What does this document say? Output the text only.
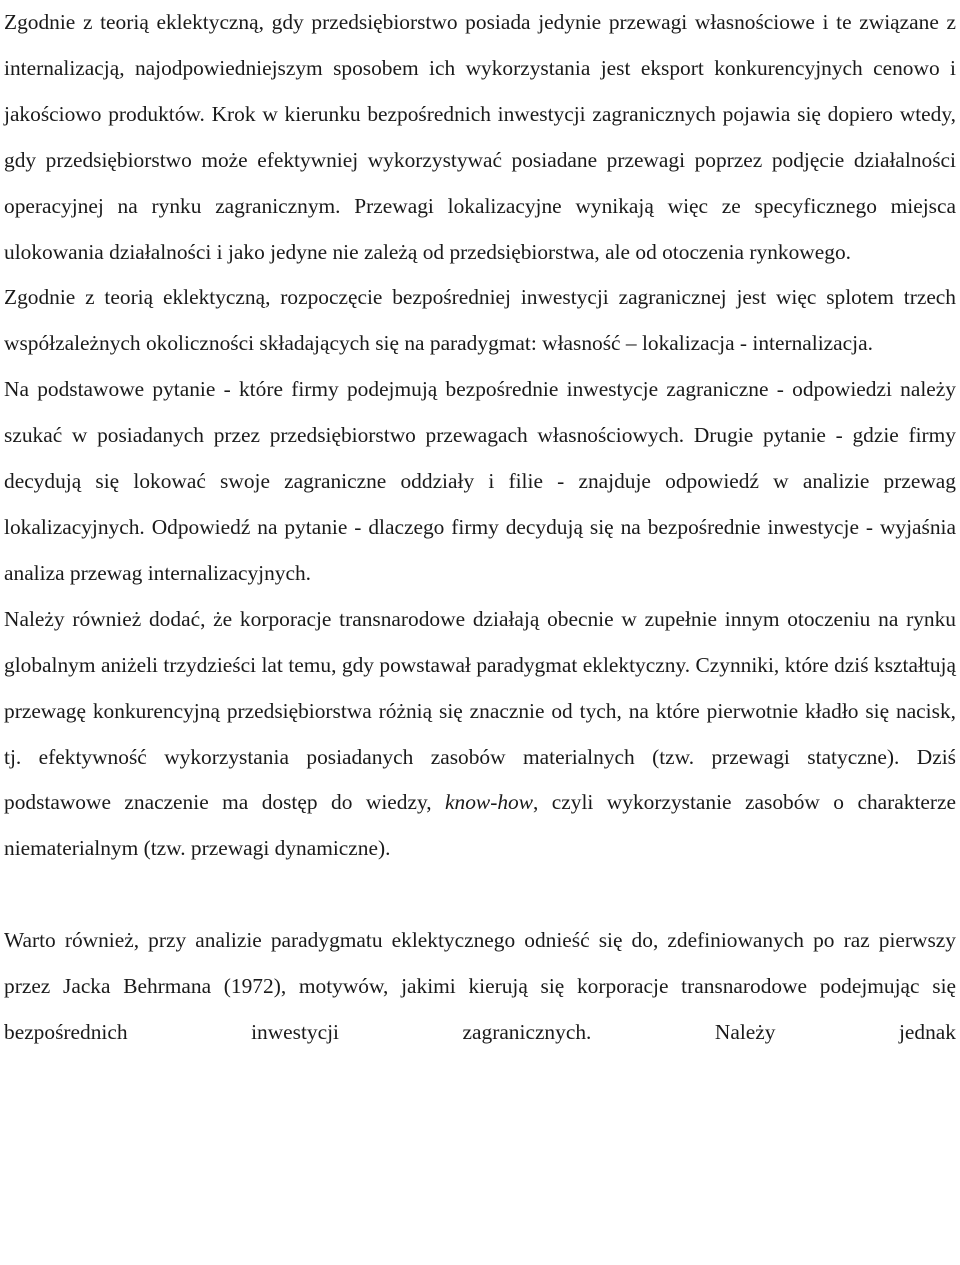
Zgodnie z teorią eklektyczną, gdy przedsiębiorstwo posiada jedynie przewagi własnościowe i te związane z internalizacją, najodpowiedniejszym sposobem ich wykorzystania jest eksport konkurencyjnych cenowo i jakościowo produktów. Krok w kierunku bezpośrednich inwestycji zagranicznych pojawia się dopiero wtedy, gdy przedsiębiorstwo może efektywniej wykorzystywać posiadane przewagi poprzez podjęcie działalności operacyjnej na rynku zagranicznym. Przewagi lokalizacyjne wynikają więc ze specyficznego miejsca ulokowania działalności i jako jedyne nie zależą od przedsiębiorstwa, ale od otoczenia rynkowego.

Zgodnie z teorią eklektyczną, rozpoczęcie bezpośredniej inwestycji zagranicznej jest więc splotem trzech współzależnych okoliczności składających się na paradygmat: własność – lokalizacja - internalizacja.

Na podstawowe pytanie - które firmy podejmują bezpośrednie inwestycje zagraniczne - odpowiedzi należy szukać w posiadanych przez przedsiębiorstwo przewagach własnościowych. Drugie pytanie - gdzie firmy decydują się lokować swoje zagraniczne oddziały i filie - znajduje odpowiedź w analizie przewag lokalizacyjnych. Odpowiedź na pytanie - dlaczego firmy decydują się na bezpośrednie inwestycje - wyjaśnia analiza przewag internalizacyjnych.

Należy również dodać, że korporacje transnarodowe działają obecnie w zupełnie innym otoczeniu na rynku globalnym aniżeli trzydzieści lat temu, gdy powstawał paradygmat eklektyczny. Czynniki, które dziś kształtują przewagę konkurencyjną przedsiębiorstwa różnią się znacznie od tych, na które pierwotnie kładło się nacisk, tj. efektywność wykorzystania posiadanych zasobów materialnych (tzw. przewagi statyczne). Dziś podstawowe znaczenie ma dostęp do wiedzy, know-how, czyli wykorzystanie zasobów o charakterze niematerialnym (tzw. przewagi dynamiczne).

Warto również, przy analizie paradygmatu eklektycznego odnieść się do, zdefiniowanych po raz pierwszy przez Jacka Behrmana (1972), motywów, jakimi kierują się korporacje transnarodowe podejmując się bezpośrednich inwestycji zagranicznych. Należy jednak
